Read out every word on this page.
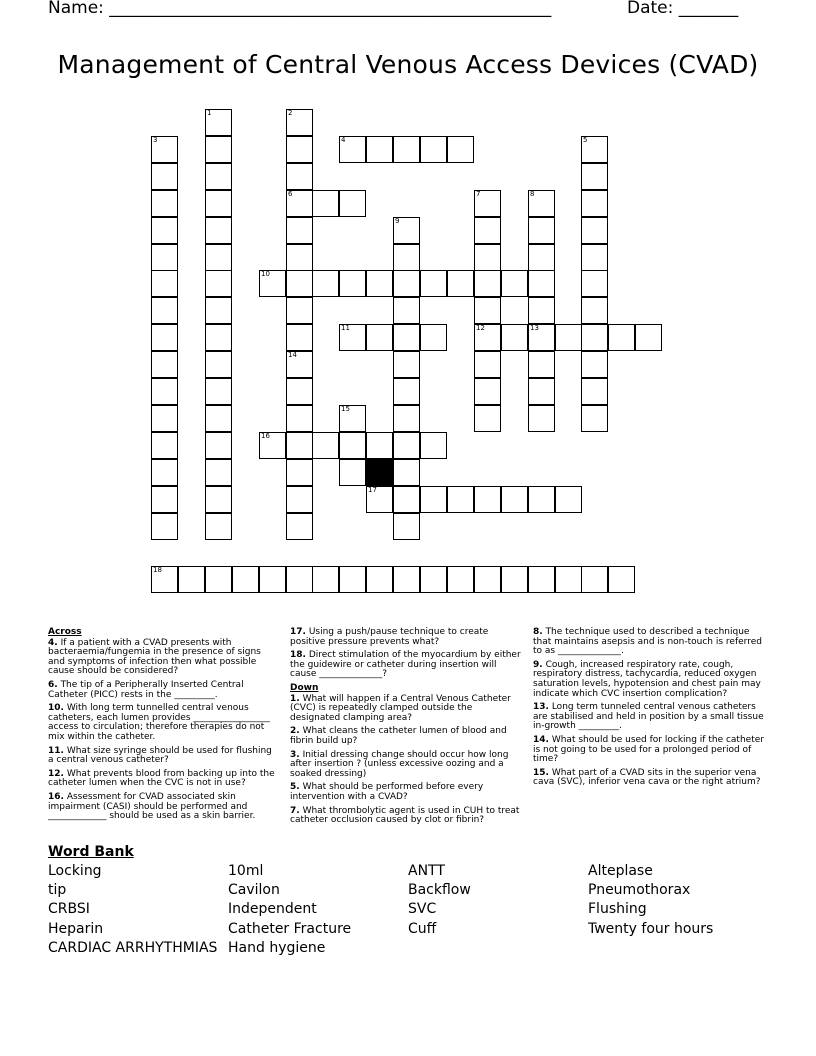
Name: ____________________________________________________	Date: _______
Management of Central Venous Access Devices (CVAD)
1	2
6
14
3	4	5
7
12
8
13
9
10
11
15
16
17
18
Across
4. If a patient with a CVAD presents with bacteraemia/fungemia in the presence of signs and symptoms of infection then what possible cause should be considered?
6. The tip of a Peripherally Inserted Central Catheter (PICC) rests in the _________.
10. With long term tunnelled central venous catheters, each lumen provides _________________ access to circulation; therefore therapies do not mix within the catheter.
11. What size syringe should be used for flushing a central venous catheter?
12. What prevents blood from backing up into the catheter lumen when the CVC is not in use?
16. Assessment for CVAD associated skin impairment (CASI) should be performed and _____________ should be used as a skin barrier.
17. Using a push/pause technique to create positive pressure prevents what?
18. Direct stimulation of the myocardium by either the guidewire or catheter during insertion will cause ______________?
Down
1. What will happen if a Central Venous Catheter (CVC) is repeatedly clamped outside the designated clamping area?
2. What cleans the catheter lumen of blood and fibrin build up?
3. Initial dressing change should occur how long after insertion ? (unless excessive oozing and a soaked dressing)
5. What should be performed before every intervention with a CVAD?
7. What thrombolytic agent is used in CUH to treat catheter occlusion caused by clot or fibrin?
8. The technique used to described a technique that maintains asepsis and is non-touch is referred to as ______________.
9. Cough, increased respiratory rate, cough, respiratory distress, tachycardia, reduced oxygen saturation levels, hypotension and chest pain may indicate which CVC insertion complication?
13. Long term tunneled central venous catheters are stabilised and held in position by a small tissue in-growth _________.
14. What should be used for locking if the catheter is not going to be used for a prolonged period of time?
15. What part of a CVAD sits in the superior vena cava (SVC), inferior vena cava or the right atrium?
Word Bank
Locking
tip
CRBSI
Heparin
CARDIAC ARRHYTHMIAS
10ml
Cavilon
Independent
Catheter Fracture
Hand hygiene
ANTT
Backflow
SVC
Cuff
Alteplase
Pneumothorax
Flushing
Twenty four hours
